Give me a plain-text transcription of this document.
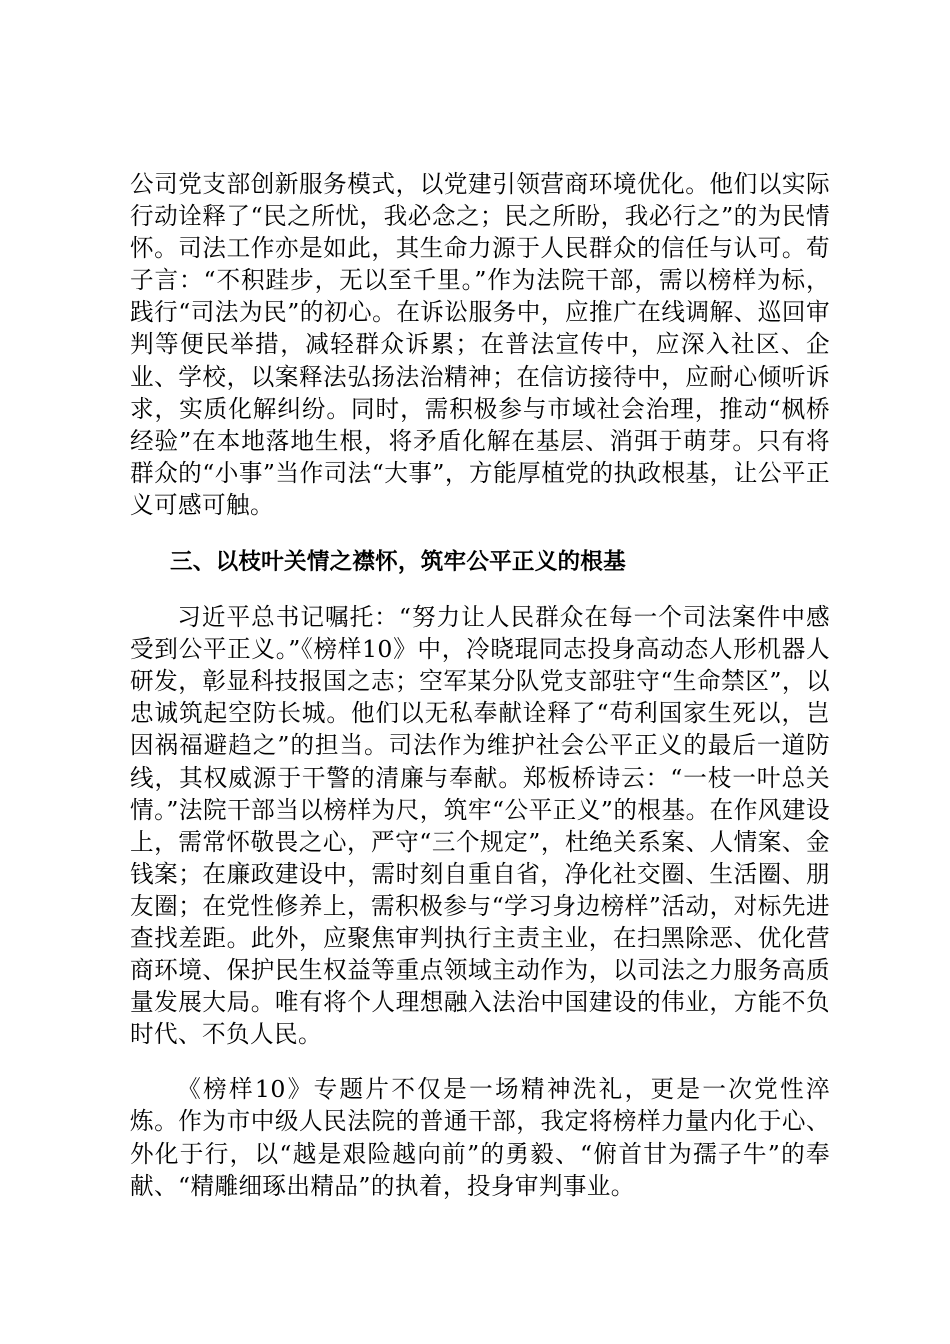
公司党支部创新服务模式，以党建引领营商环境优化。他们以实际行动诠释了“民之所忧，我必念之；民之所盼，我必行之”的为民情怀。司法工作亦是如此，其生命力源于人民群众的信任与认可。荀子言：“不积跬步，无以至千里。”作为法院干部，需以榜样为标，践行“司法为民”的初心。在诉讼服务中，应推广在线调解、巡回审判等便民举措，减轻群众诉累；在普法宣传中，应深入社区、企业、学校，以案释法弘扬法治精神；在信访接待中，应耐心倾听诉求，实质化解纠纷。同时，需积极参与市域社会治理，推动“枫桥经验”在本地落地生根，将矛盾化解在基层、消弭于萌芽。只有将群众的“小事”当作司法“大事”，方能厚植党的执政根基，让公平正义可感可触。

三、以枝叶关情之襟怀，筑牢公平正义的根基

习近平总书记嘱托：“努力让人民群众在每一个司法案件中感受到公平正义。”《榜样10》中，冷晓琨同志投身高动态人形机器人研发，彰显科技报国之志；空军某分队党支部驻守“生命禁区”，以忠诚筑起空防长城。他们以无私奉献诠释了“苟利国家生死以，岂因祸福避趋之”的担当。司法作为维护社会公平正义的最后一道防线，其权威源于干警的清廉与奉献。郑板桥诗云：“一枝一叶总关情。”法院干部当以榜样为尺，筑牢“公平正义”的根基。在作风建设上，需常怀敬畏之心，严守“三个规定”，杜绝关系案、人情案、金钱案；在廉政建设中，需时刻自重自省，净化社交圈、生活圈、朋友圈；在党性修养上，需积极参与“学习身边榜样”活动，对标先进查找差距。此外，应聚焦审判执行主责主业，在扫黑除恶、优化营商环境、保护民生权益等重点领域主动作为，以司法之力服务高质量发展大局。唯有将个人理想融入法治中国建设的伟业，方能不负时代、不负人民。

《榜样10》专题片不仅是一场精神洗礼，更是一次党性淬炼。作为市中级人民法院的普通干部，我定将榜样力量内化于心、外化于行，以“越是艰险越向前”的勇毅、“俯首甘为孺子牛”的奉献、“精雕细琢出精品”的执着，投身审判事业。
